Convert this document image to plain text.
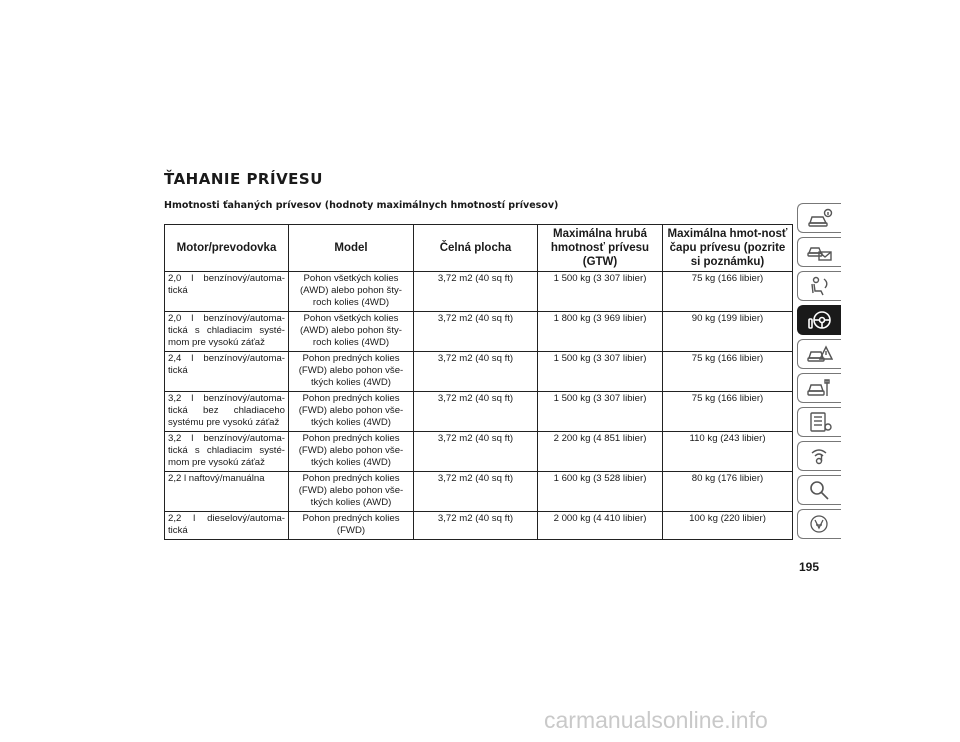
ŤAHANIE PRÍVESU

Hmotnosti ťahaných prívesov (hodnoty maximálnych hmotností prívesov)

Motor/prevodovka	Model	Čelná plocha	Maximálna hrubá hmotnosť prívesu (GTW)	Maximálna hmot-nosť čapu prívesu (pozrite si poznámku)
2,0 l benzínový/automa-tická	Pohon všetkých kolies (AWD) alebo pohon šty-roch kolies (4WD)	3,72 m2 (40 sq ft)	1 500 kg (3 307 libier)	75 kg (166 libier)
2,0 l benzínový/automa-tická s chladiacim systé-mom pre vysokú záťaž	Pohon všetkých kolies (AWD) alebo pohon šty-roch kolies (4WD)	3,72 m2 (40 sq ft)	1 800 kg (3 969 libier)	90 kg (199 libier)
2,4 l benzínový/automa-tická	Pohon predných kolies (FWD) alebo pohon vše-tkých kolies (4WD)	3,72 m2 (40 sq ft)	1 500 kg (3 307 libier)	75 kg (166 libier)
3,2 l benzínový/automa-tická bez chladiaceho systému pre vysokú záťaž	Pohon predných kolies (FWD) alebo pohon vše-tkých kolies (4WD)	3,72 m2 (40 sq ft)	1 500 kg (3 307 libier)	75 kg (166 libier)
3,2 l benzínový/automa-tická s chladiacim systé-mom pre vysokú záťaž	Pohon predných kolies (FWD) alebo pohon vše-tkých kolies (4WD)	3,72 m2 (40 sq ft)	2 200 kg (4 851 libier)	110 kg (243 libier)
2,2 l naftový/manuálna	Pohon predných kolies (FWD) alebo pohon vše-tkých kolies (AWD)	3,72 m2 (40 sq ft)	1 600 kg (3 528 libier)	80 kg (176 libier)
2,2 l dieselový/automa-tická	Pohon predných kolies (FWD)	3,72 m2 (40 sq ft)	2 000 kg (4 410 libier)	100 kg (220 libier)

195

carmanualsonline.info
